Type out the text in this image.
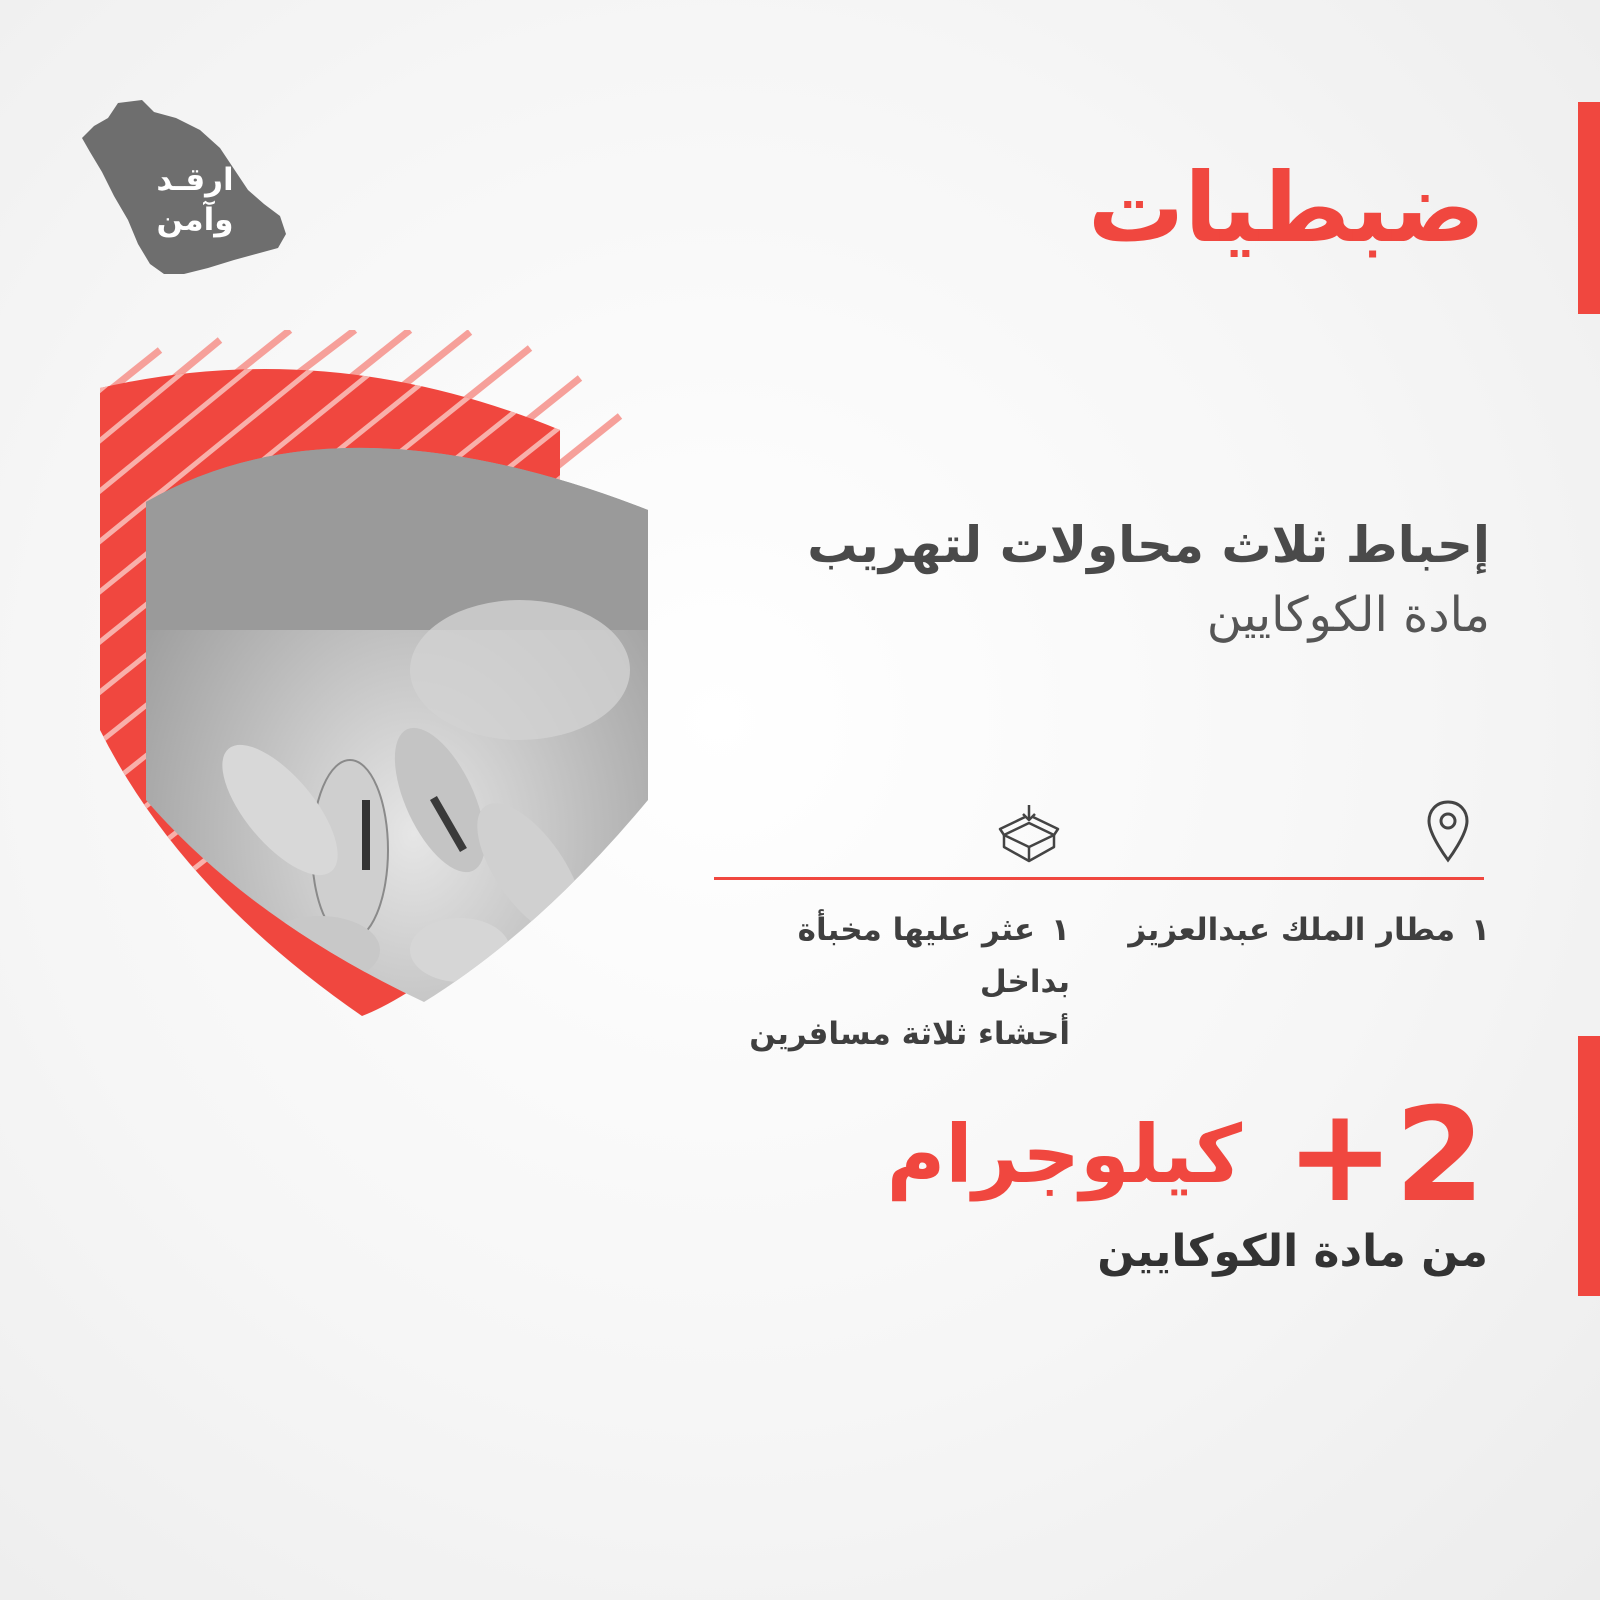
ارقـد
وآمن	ضبطيات
إحباط ثلاث محاولات لتهريب
مادة الكوكايين
١مطار الملك عبدالعزيز
١عثر عليها مخبأة بداخل
أحشاء ثلاثة مسافرين
+2 كيلوجرام

من مادة الكوكايين
